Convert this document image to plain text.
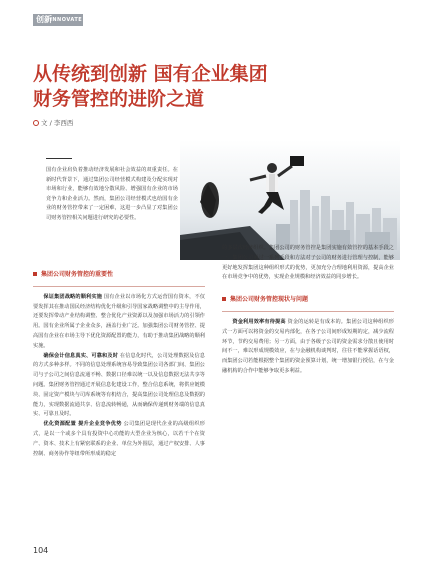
创新
INNOVATE
从传统到创新 国有企业集团
财务管控的进阶之道
文 / 李西西
国有企业肩负着推动经济发展和社会效益的双重责任。在新时代背景下，通过集团公司经营模式构建及分配实现对市场和行业，能够有效地分散风险、增强国有企业的市场竞争力和企业活力。然而，集团公司经营模式也给国有企业的财务管控带来了一定困难，这进一步凸显了对集团公司财务管控相关问题进行研究的必要性。
集团公司财务管控的重要性

保证集团战略的顺利实施 国有企业以市场化方式运营国有资本，不仅要发挥其在推动国民经济结构优化升级和引导国家战略调整中的主导作用，还要发挥带动产业结构调整、整合优化产业资源以及加强市场活力的引领作用。国有企业所属子企业众多，涵盖行业广泛。加强集团公司财务管控、提高国有企业在市场主导下优化资源配置的能力，有助于推动集团战略的顺利实施。

确保会计信息真实、可靠和及时 在信息化时代，公司处理数据及信息的方式多种多样。不同的信息处理系统容易导致集团公司各部门间、集团公司与子公司之间信息流通不畅、数据口径难以统一以及信息数据无法共享等问题。集团财务管控通过开展信息化建设工作，整合信息系统，将供应链模块、固定资产模块与司库系统等有机结合，提高集团公司处理信息及数据的能力，实现数据流通共享、信息流转畅通，从而确保传递到财务端的信息真实、可靠且及时。

优化资源配置 提升企业竞争优势 公司集团是现代企业的高级组织形式，是以一个或多个具有投资中心功能的大型企业为核心，以若干个在资产、资本、技术上有紧密联系的企业、单位为外围层，通过产权安排、人事控制、商务协作等纽带所形成的稳定

的多层次经济组织。集团公司的财务管控是集团实施有效管控的基本手段之一。集团公司通过一系列手段和方法对子公司的财务进行管理与控制，能够更好地发挥集团这种组织形式的优势，更加充分合理地利用资源，提高企业在市场竞争中的优势，实现企业规模和经济效益的同步增长。

集团公司财务管控现状与问题

资金利用效率有待提高 资金的运转是有成本的。集团公司这种组织形式一方面可以将资金的交易内部化，在各子公司间形成短期的定，减少流程环节，节约交易费用；另一方面，由于各级子公司的资金需求分散且使用时间不一，难以形成规模效应，在与金融机构谈判时，往往不能掌握话语权，而集团公司若能根据整个集团的资金预算计划，统一增加银行授信，在与金融机构的合作中能够争取更多利益。

104
